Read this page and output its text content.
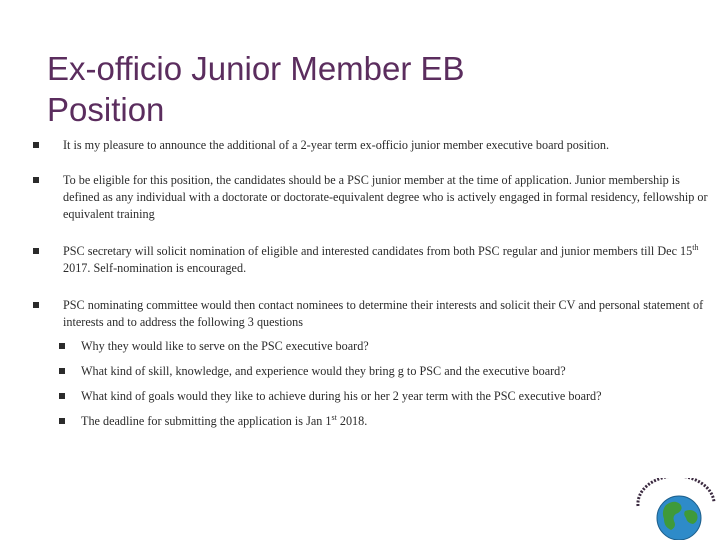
Ex-officio Junior Member EB
Position
It is my pleasure to announce the additional of a 2-year term ex-officio junior member executive board position.
To be eligible for this position, the candidates should be a PSC junior member at the time of application. Junior membership is defined as any individual with a doctorate or doctorate-equivalent degree who is actively engaged in formal residency, fellowship or equivalent training
PSC secretary will solicit nomination of eligible and interested candidates from both PSC regular and junior members till Dec 15th 2017. Self-nomination is encouraged.
PSC nominating committee would then contact nominees to determine their interests and solicit their CV and personal statement of interests and to address the following 3 questions
Why they would like to serve on the PSC executive board?
What kind of skill, knowledge, and experience would they bring g to PSC and the executive board?
What kind of goals would they like to achieve during his or her 2 year term with the PSC executive board?
The deadline for submitting the application is Jan 1st 2018.
